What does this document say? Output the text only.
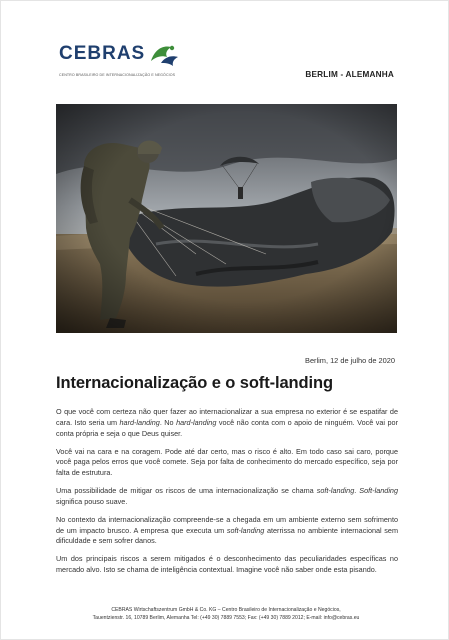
CEBRAS
CENTRO BRASILEIRO DE INTERNACIONALIZAÇÃO E NEGÓCIOS	BERLIM - ALEMANHA
Berlim, 12 de julho de 2020
Internacionalização e o soft-landing

O que você com certeza não quer fazer ao internacionalizar a sua empresa no exterior é se espatifar de cara. Isto seria um hard-landing. No hard-landing você não conta com o apoio de ninguém. Você vai por conta própria e seja o que Deus quiser.

Você vai na cara e na coragem. Pode até dar certo, mas o risco é alto. Em todo caso sai caro, porque você paga pelos erros que você comete. Seja por falta de conhecimento do mercado específico, seja por falta de estrutura.

Uma possibilidade de mitigar os riscos de uma internacionalização se chama soft-landing. Soft-landing significa pouso suave.

No contexto da internacionalização compreende-se a chegada em um ambiente externo sem sofrimento de um impacto brusco. A empresa que executa um soft-landing aterrissa no ambiente internacional sem dificuldade e sem sofrer danos.

Um dos principais riscos a serem mitigados é o desconhecimento das peculiaridades específicas no mercado alvo. Isto se chama de inteligência contextual. Imagine você não saber onde esta pisando.

CEBRAS Wirtschaftszentrum GmbH & Co. KG – Centro Brasileiro de Internacionalização e Negócios,
Tauentzienstr. 16, 10789 Berlim, Alemanha Tel: (+49 30) 7889 7553; Fax: (+49 30) 7889 2012; E-mail: info@cebras.eu
